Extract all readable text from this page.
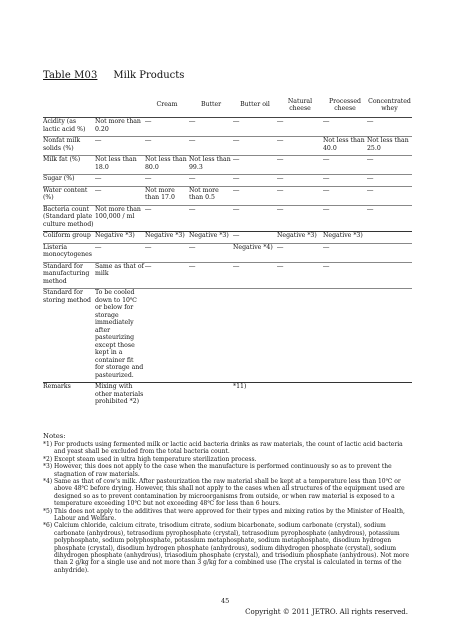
Table M03 Milk Products
		Cream	Butter	Butter oil	Natural cheese	Processed cheese	Concentrated whey
Acidity (as lactic acid %)	Not more than 0.20	―	―	―	―	―	―
Nonfat milk solids (%)	―	―	―	―	―	Not less than 40.0	Not less than 25.0
Milk fat (%)	Not less than 18.0	Not less than 80.0	Not less than 99.3	―	―	―	―
Sugar (%)	―	―	―	―	―	―	―
Water content (%)	―	Not more than 17.0	Not more than 0.5	―	―	―	―
Bacteria count (Standard plate culture method)	Not more than 100,000 / ml	―	―	―	―	―	―
Coliform group	Negative *3)	Negative *3)	Negative *3)	―	Negative *3)	Negative *3)	
Listeria monocytogenes	―	―	―	Negative *4)	―	―	
Standard for manufacturing method	Same as that of milk	―	―	―	―	―	
Standard for storing method	To be cooled down to 10℃ or below for storage immediately after pasteurizing except those kept in a container fit for storage and pasteurized.						
Remarks	Mixing with other materials prohibited *2)			*11)			
Notes:
*1) For products using fermented milk or lactic acid bacteria drinks as raw materials, the count of lactic acid bacteria and yeast shall be excluded from the total bacteria count.
*2) Except steam used in ultra high temperature sterilization process.
*3) However, this does not apply to the case when the manufacture is performed continuously so as to prevent the stagnation of raw materials.
*4) Same as that of cow's milk. After pasteurization the raw material shall be kept at a temperature less than 10℃ or above 48℃ before drying. However, this shall not apply to the cases when all structures of the equipment used are designed so as to prevent contamination by microorganisms from outside, or when raw material is exposed to a temperature exceeding 10℃ but not exceeding 48℃ for less than 6 hours.
*5) This does not apply to the additives that were approved for their types and mixing ratios by the Minister of Health, Labour and Welfare.
*6) Calcium chloride, calcium citrate, trisodium citrate, sodium bicarbonate, sodium carbonate (crystal), sodium carbonate (anhydrous), tetrasodium pyrophosphate (crystal), tetrasodium pyrophosphate (anhydrous), potassium polyphosphate, sodium polyphosphate, potassium metaphosphate, sodium metaphosphate, disodium hydrogen phosphate (crystal), disodium hydrogen phosphate (anhydrous), sodium dihydrogen phosphate (crystal), sodium dihydrogen phosphate (anhydrous), triasodium phosphate (crystal), and trisodium phosphate (anhydrous). Not more than 2 g/kg for a single use and not more than 3 g/kg for a combined use (The crystal is calculated in terms of the anhydride).
45
Copyright © 2011 JETRO. All rights reserved.
